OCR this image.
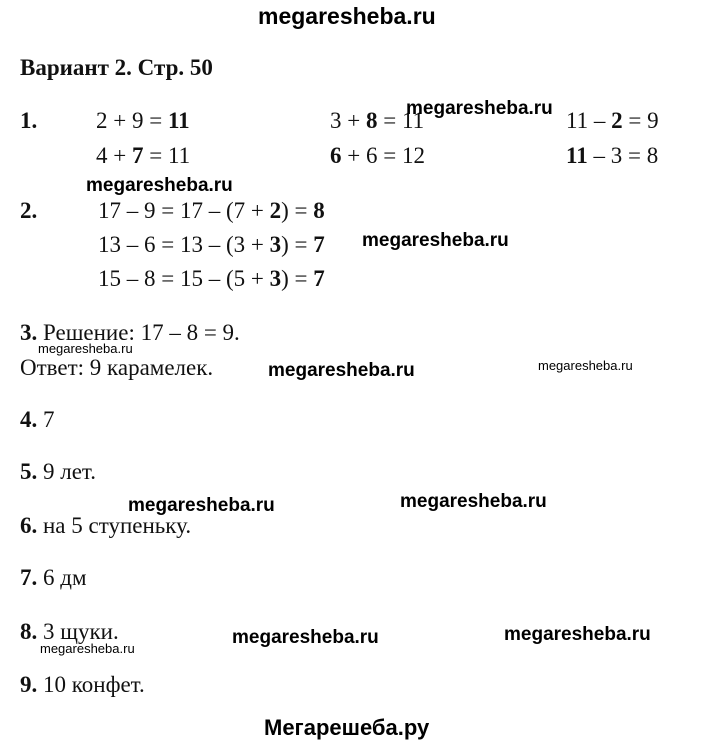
megaresheba.ru
Вариант 2. Стр. 50
1.	2 + 9 = 11	3 + 8 = 11	11 – 2 = 9
4 + 7 = 11	6 + 6 = 12	11 – 3 = 8
megaresheba.ru
megaresheba.ru
2.	17 – 9 = 17 – (7 + 2) = 8
13 – 6 = 13 – (3 + 3) = 7
15 – 8 = 15 – (5 + 3) = 7
megaresheba.ru
3. Решение: 17 – 8 = 9.
megaresheba.ru
Ответ: 9 карамелек.	megaresheba.ru	megaresheba.ru
4. 7
5. 9 лет.
megaresheba.ru	megaresheba.ru
6. на 5 ступеньку.
7. 6 дм
8. 3 щуки.
megaresheba.ru
megaresheba.ru	megaresheba.ru
9. 10 конфет.
Мегарешеба.ру
